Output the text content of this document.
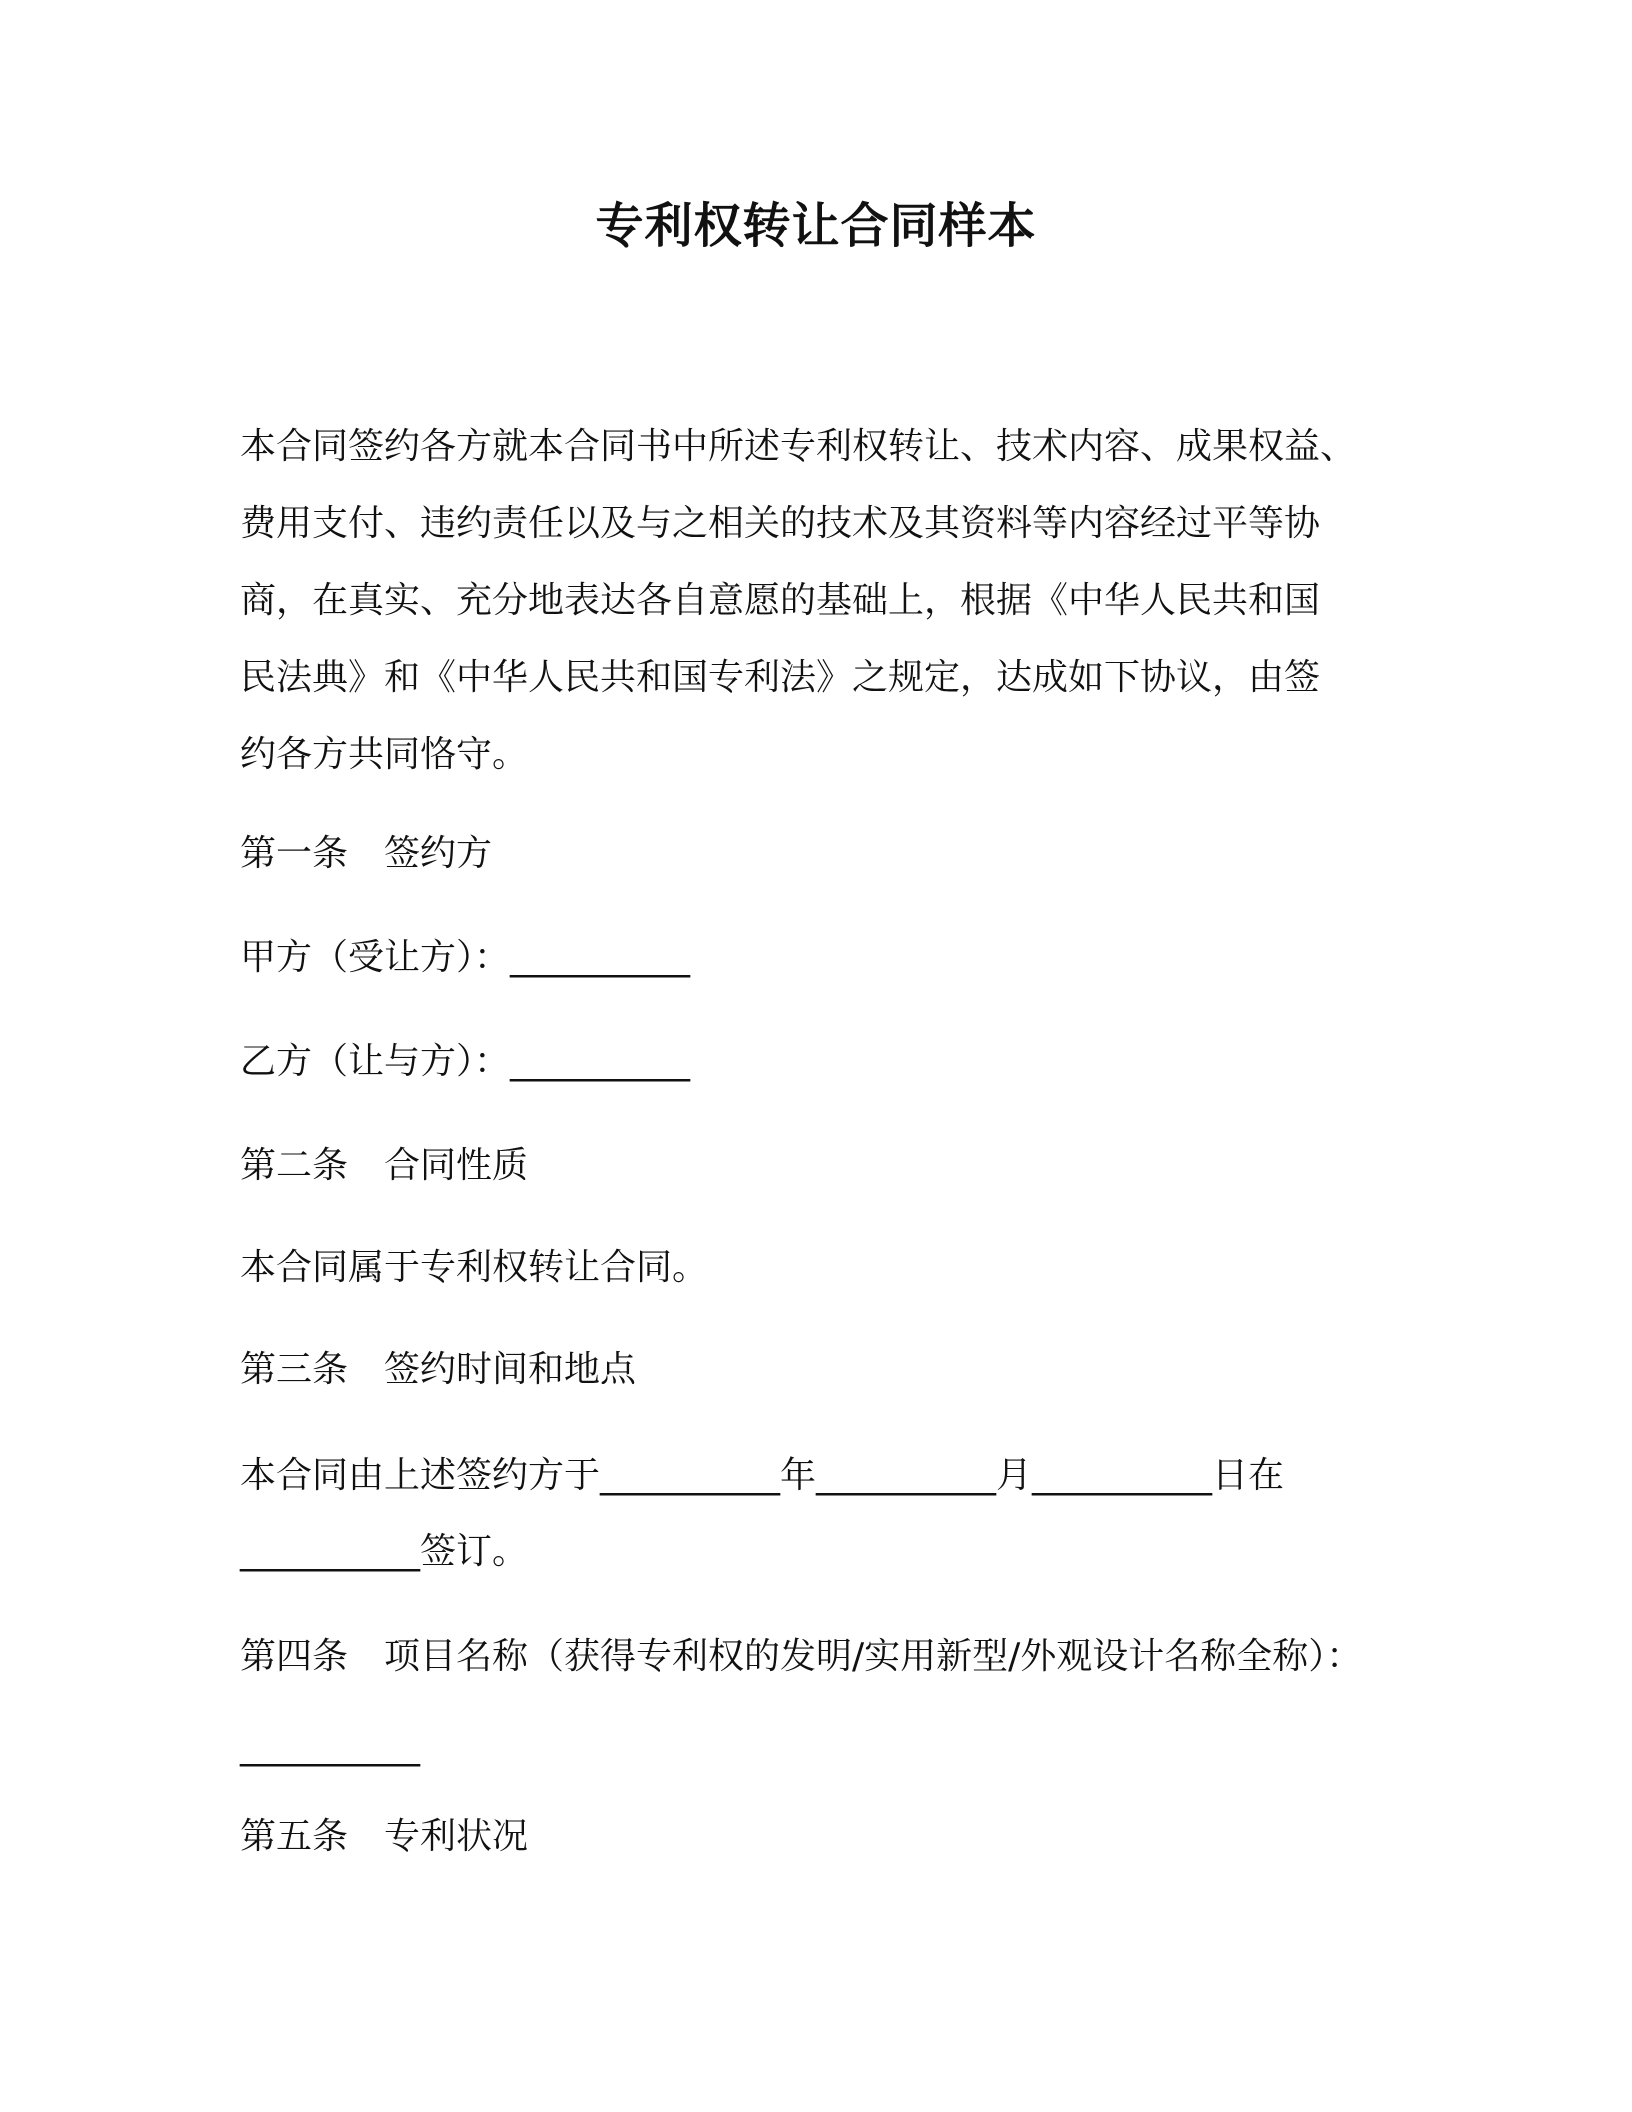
专利权转让合同样本
本合同签约各方就本合同书中所述专利权转让、技术内容、成果权益、
费用支付、违约责任以及与之相关的技术及其资料等内容经过平等协
商，在真实、充分地表达各自意愿的基础上，根据《中华人民共和国
民法典》和《中华人民共和国专利法》之规定，达成如下协议，由签
约各方共同恪守。
第一条 签约方
甲方（受让方）：__________
乙方（让与方）：__________
第二条 合同性质
本合同属于专利权转让合同。
第三条 签约时间和地点
本合同由上述签约方于__________年__________月__________日在
__________签订。
第四条 项目名称（获得专利权的发明/实用新型/外观设计名称全称）：
__________
第五条 专利状况
